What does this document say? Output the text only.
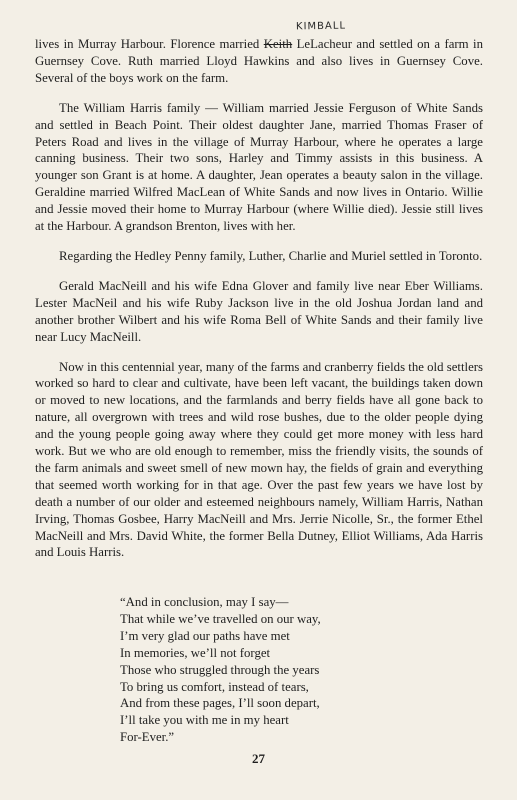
KIMBALL

lives in Murray Harbour. Florence married Keith LeLacheur and settled on a farm in Guernsey Cove. Ruth married Lloyd Hawkins and also lives in Guernsey Cove. Several of the boys work on the farm.

The William Harris family — William married Jessie Ferguson of White Sands and settled in Beach Point. Their oldest daughter Jane, married Thomas Fraser of Peters Road and lives in the village of Murray Harbour, where he operates a large canning business. Their two sons, Harley and Timmy assists in this business. A younger son Grant is at home. A daughter, Jean operates a beauty salon in the village. Geraldine married Wilfred MacLean of White Sands and now lives in Ontario. Willie and Jessie moved their home to Murray Harbour (where Willie died). Jessie still lives at the Harbour. A grandson Brenton, lives with her.

Regarding the Hedley Penny family, Luther, Charlie and Muriel settled in Toronto.

Gerald MacNeill and his wife Edna Glover and family live near Eber Williams. Lester MacNeil and his wife Ruby Jackson live in the old Joshua Jordan land and another brother Wilbert and his wife Roma Bell of White Sands and their family live near Lucy MacNeill.

Now in this centennial year, many of the farms and cranberry fields the old settlers worked so hard to clear and cultivate, have been left vacant, the buildings taken down or moved to new locations, and the farmlands and berry fields have all gone back to nature, all overgrown with trees and wild rose bushes, due to the older people dying and the young people going away where they could get more money with less hard work. But we who are old enough to remember, miss the friendly visits, the sounds of the farm animals and sweet smell of new mown hay, the fields of grain and everything that seemed worth working for in that age. Over the past few years we have lost by death a number of our older and esteemed neighbours namely, William Harris, Nathan Irving, Thomas Gosbee, Harry MacNeill and Mrs. Jerrie Nicolle, Sr., the former Ethel MacNeill and Mrs. David White, the former Bella Dutney, Elliot Williams, Ada Harris and Louis Harris.

“And in conclusion, may I say—
That while we’ve travelled on our way,
I’m very glad our paths have met
In memories, we’ll not forget
Those who struggled through the years
To bring us comfort, instead of tears,
And from these pages, I’ll soon depart,
I’ll take you with me in my heart
For-Ever.”
27
